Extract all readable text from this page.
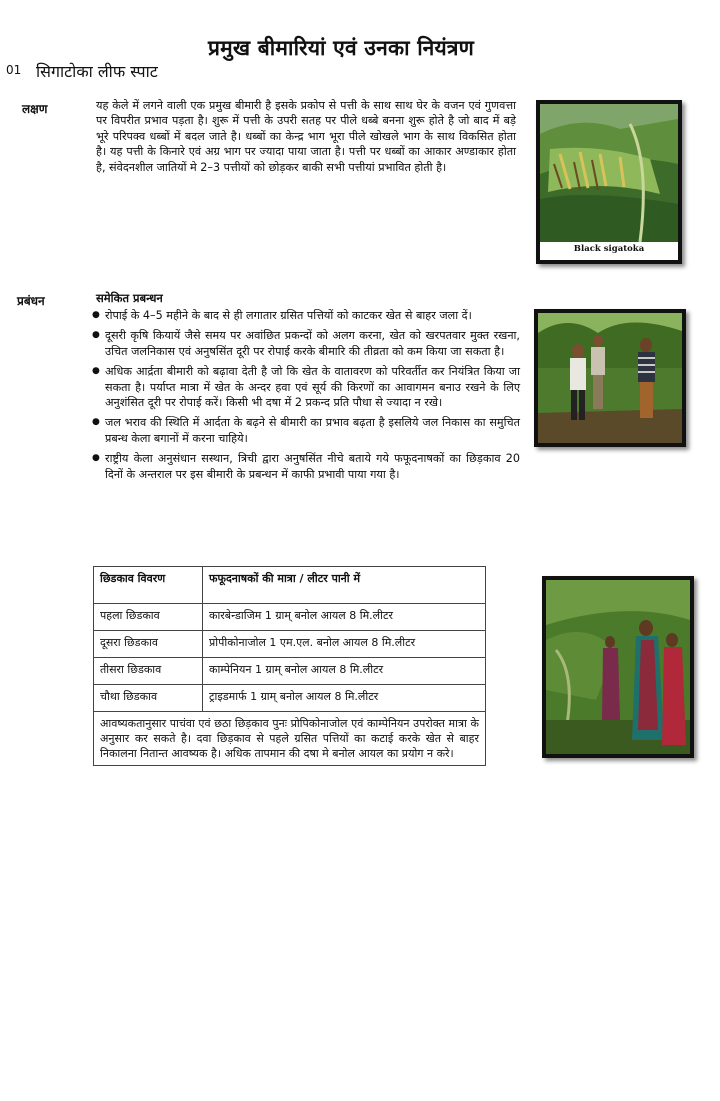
प्रमुख बीमारियां एवं उनका नियंत्रण
01 सिगाटोका लीफ स्पाट
लक्षण	यह केले में लगने वाली एक प्रमुख बीमारी है इसके प्रकोप से पत्ती के साथ साथ घेर के वजन एवं गुणवत्ता पर विपरीत प्रभाव पड़ता है। शुरू में पत्ती के उपरी सतह पर पीले धब्बे बनना शुरू होते है जो बाद में बड़े भूरे परिपक्व धब्बों में बदल जाते है। धब्बों का केन्द्र भाग भूरा पीले खोखले भाग के साथ विकसित होता है। यह पत्ती के किनारे एवं अग्र भाग पर ज्यादा पाया जाता है। पत्ती पर धब्बों का आकार अण्डाकार होता है, संवेदनशील जातियों मे 2–3 पत्तीयों को छोड़कर बाकी सभी पत्तीयां प्रभावित होती है।
Black sigatoka
प्रबंधन	समेकित प्रबन्धन
● रोपाई के 4–5 महीने के बाद से ही लगातार ग्रसित पत्तियों को काटकर खेत से बाहर जला दें।
● दूसरी कृषि कियायें जैसे समय पर अवांछित प्रकन्दों को अलग करना, खेत को खरपतवार मुक्त रखना, उचित जलनिकास एवं अनुषसिंत दूरी पर रोपाई करके बीमारि की तीव्रता को कम किया जा सकता है।
● अधिक आर्द्रता बीमारी को बढ़ावा देती है जो कि खेत के वातावरण को परिवर्तीत कर नियंत्रित किया जा सकता है। पर्याप्त मात्रा में खेत के अन्दर हवा एवं सूर्य की किरणों का आवागमन बनाउ रखने के लिए अनुशंसित दूरी पर रोपाई करें। किसी भी दषा में 2 प्रकन्द प्रति पौधा से ज्यादा न रखे।
● जल भराव की स्थिति में आर्दता के बढ़ने से बीमारी का प्रभाव बढ़ता है इसलिये जल निकास का समुचित प्रबन्ध केला बगानों में करना चाहिये।
● राष्ट्रीय केला अनुसंधान सस्थान, त्रिची द्वारा अनुषसिंत नीचे बताये गये फफूदनाषकों का छिड़काव 20 दिनों के अन्तराल पर इस बीमारी के प्रबन्धन में काफी प्रभावी पाया गया है।
छिडकाव विवरण	फफूदनाषकों की मात्रा / लीटर पानी में
पहला छिडकाव	कारबेन्डाजिम 1 ग्राम् बनोल आयल 8 मि.लीटर
दूसरा छिडकाव	प्रोपीकोनाजोल 1 एम.एल. बनोल आयल 8 मि.लीटर
तीसरा छिडकाव	काम्पेनियन 1 ग्राम् बनोल आयल 8 मि.लीटर
चौथा छिडकाव	ट्राइडमार्फ 1 ग्राम् बनोल आयल 8 मि.लीटर
आवष्यकतानुसार पाचंवा एवं छठा छिड़काव पुनः प्रोपिकोनाजोल एवं काम्पेनियन उपरोक्त मात्रा के अनुसार कर सकते है। दवा छिड़काव से पहले ग्रसित पत्तियों का कटाई करके खेत से बाहर निकालना नितान्त आवष्यक है। अधिक तापमान की दषा मे बनोल आयल का प्रयोग न करे।	
